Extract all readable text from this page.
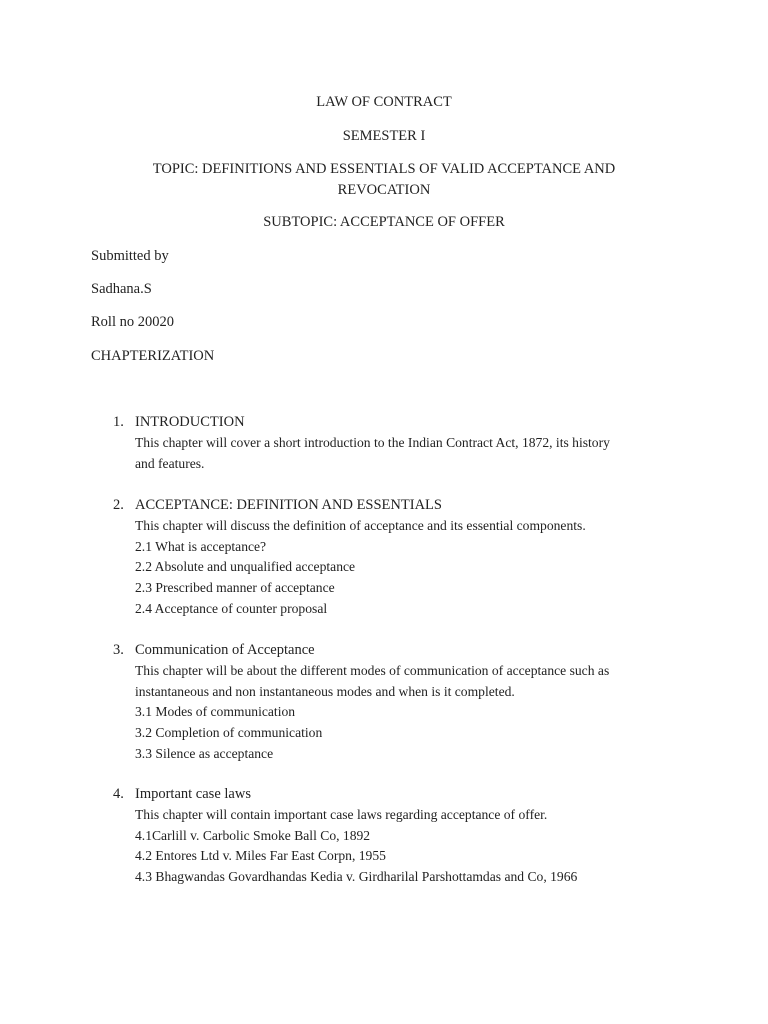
LAW OF CONTRACT
SEMESTER I
TOPIC: DEFINITIONS AND ESSENTIALS OF VALID ACCEPTANCE AND
REVOCATION
SUBTOPIC: ACCEPTANCE OF OFFER
Submitted by
Sadhana.S
Roll no 20020
CHAPTERIZATION
1. INTRODUCTION
This chapter will cover a short introduction to the Indian Contract Act, 1872, its history
and features.
2. ACCEPTANCE: DEFINITION AND ESSENTIALS
This chapter will discuss the definition of acceptance and its essential components.
2.1 What is acceptance?
2.2 Absolute and unqualified acceptance
2.3 Prescribed manner of acceptance
2.4 Acceptance of counter proposal
3. Communication of Acceptance
This chapter will be about the different modes of communication of acceptance such as
instantaneous and non instantaneous modes and when is it completed.
3.1 Modes of communication
3.2 Completion of communication
3.3 Silence as acceptance
4. Important case laws
This chapter will contain important case laws regarding acceptance of offer.
4.1Carlill v. Carbolic Smoke Ball Co, 1892
4.2 Entores Ltd v. Miles Far East Corpn, 1955
4.3 Bhagwandas Govardhandas Kedia v. Girdharilal Parshottamdas and Co, 1966
